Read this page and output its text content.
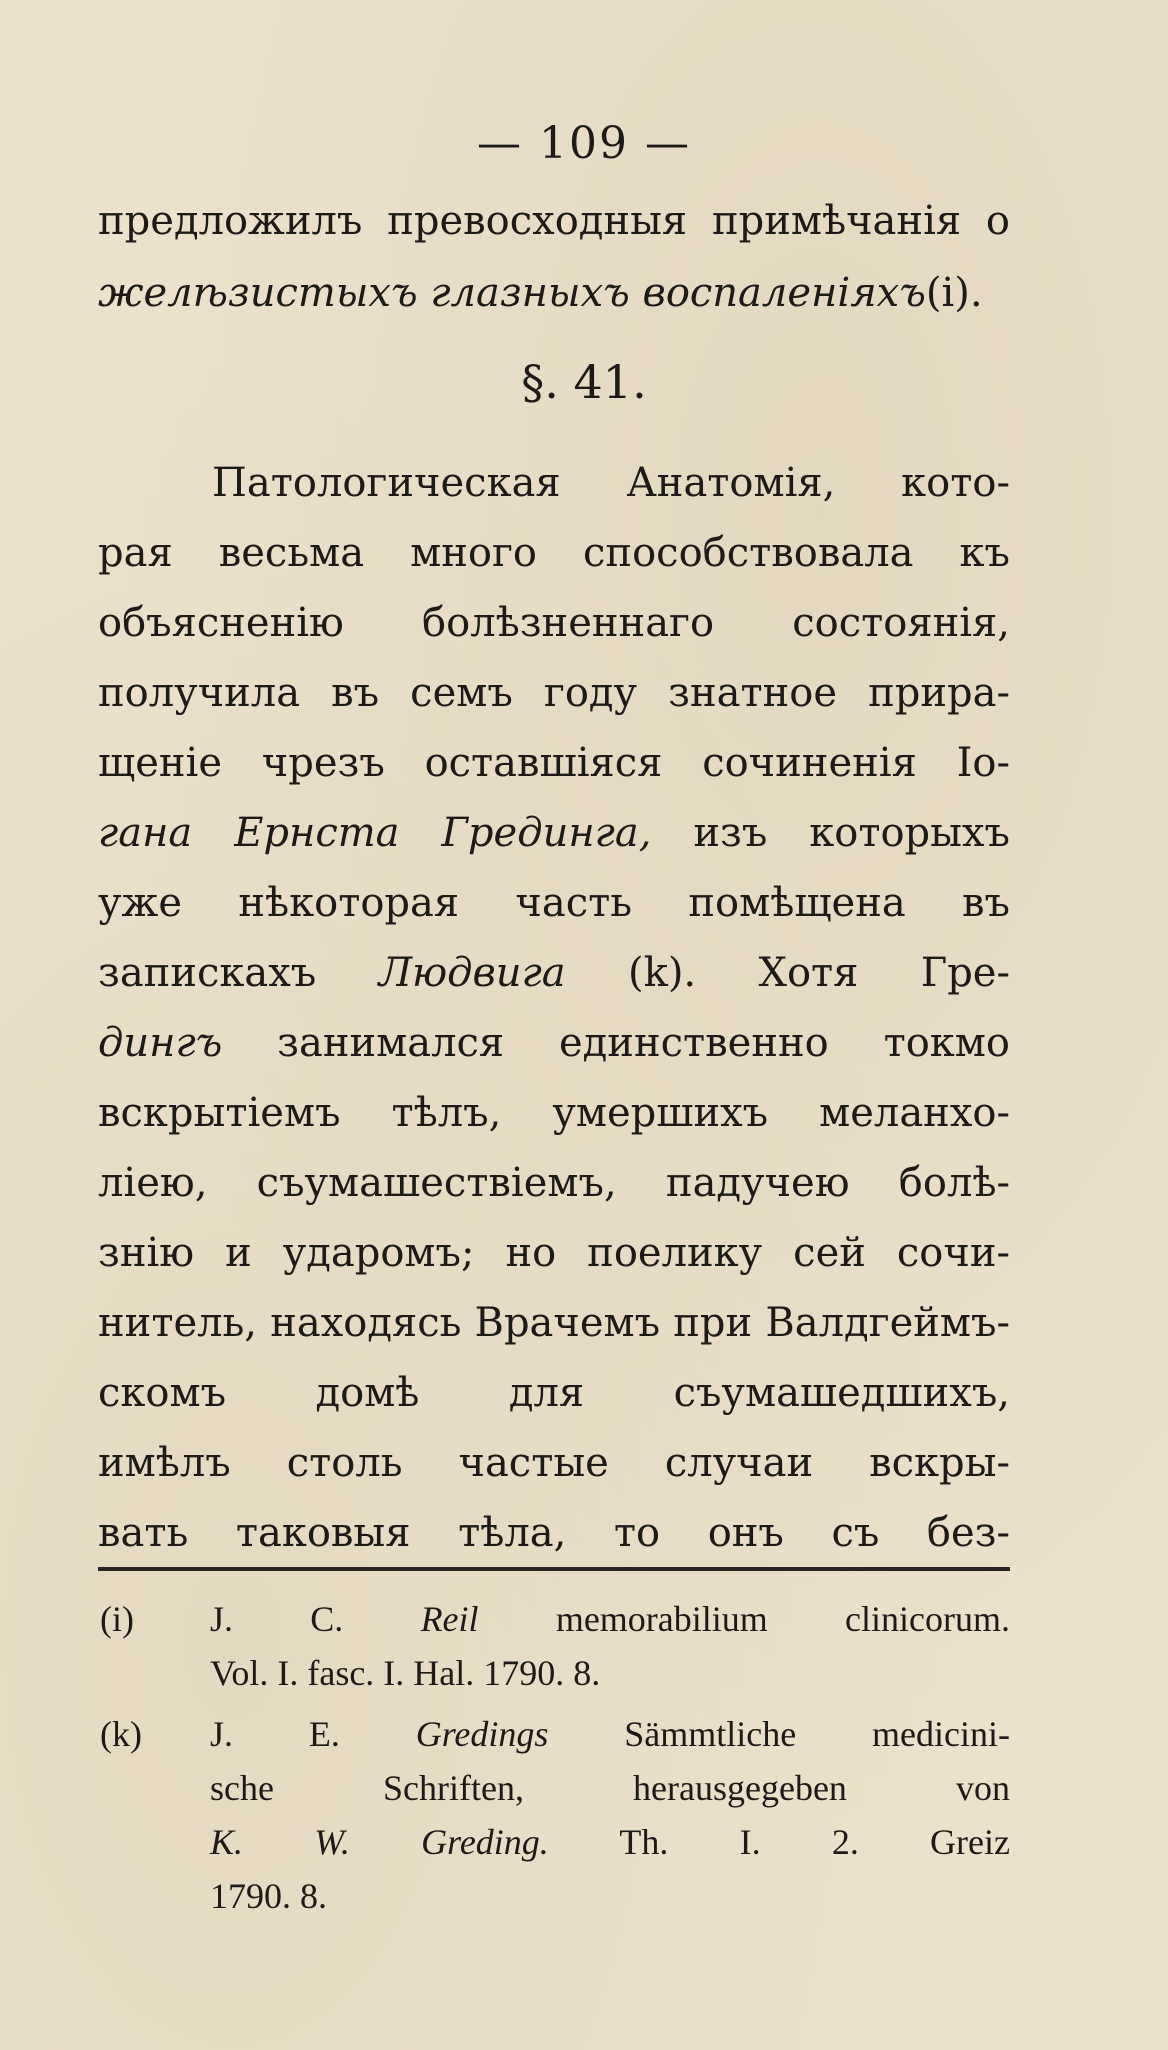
— 109 —
предложилъ превосходныя примѣчанія о
желѣзистыхъ глазныхъ воспаленіяхъ(i).
§. 41.
Патологическая Анатомія, кото-
рая весьма много способствовала къ
объясненію болѣзненнаго состоянія,
получила въ семъ году знатное прира-
щеніе чрезъ оставшіяся сочиненія Іо-
гана Ернста Грединга, изъ которыхъ
уже нѣкоторая часть помѣщена въ
запискахъ Людвига (k). Хотя Гре-
дингъ занимался единственно токмо
вскрытіемъ тѣлъ, умершихъ меланхо-
ліею, съумашествіемъ, падучею болѣ-
знію и ударомъ; но поелику сей сочи-
нитель, находясь Врачемъ при Валдгеймъ-
скомъ домѣ для съумашедшихъ,
имѣлъ столь частые случаи вскры-
вать таковыя тѣла, то онъ съ без-
(i) J. C. Reil memorabilium clinicorum.
Vol. I. fasc. I. Hal. 1790. 8.
(k) J. E. Gredings Sämmtliche medicini-
sche Schriften, herausgegeben von
K. W. Greding. Th. I. 2. Greiz
1790. 8.
